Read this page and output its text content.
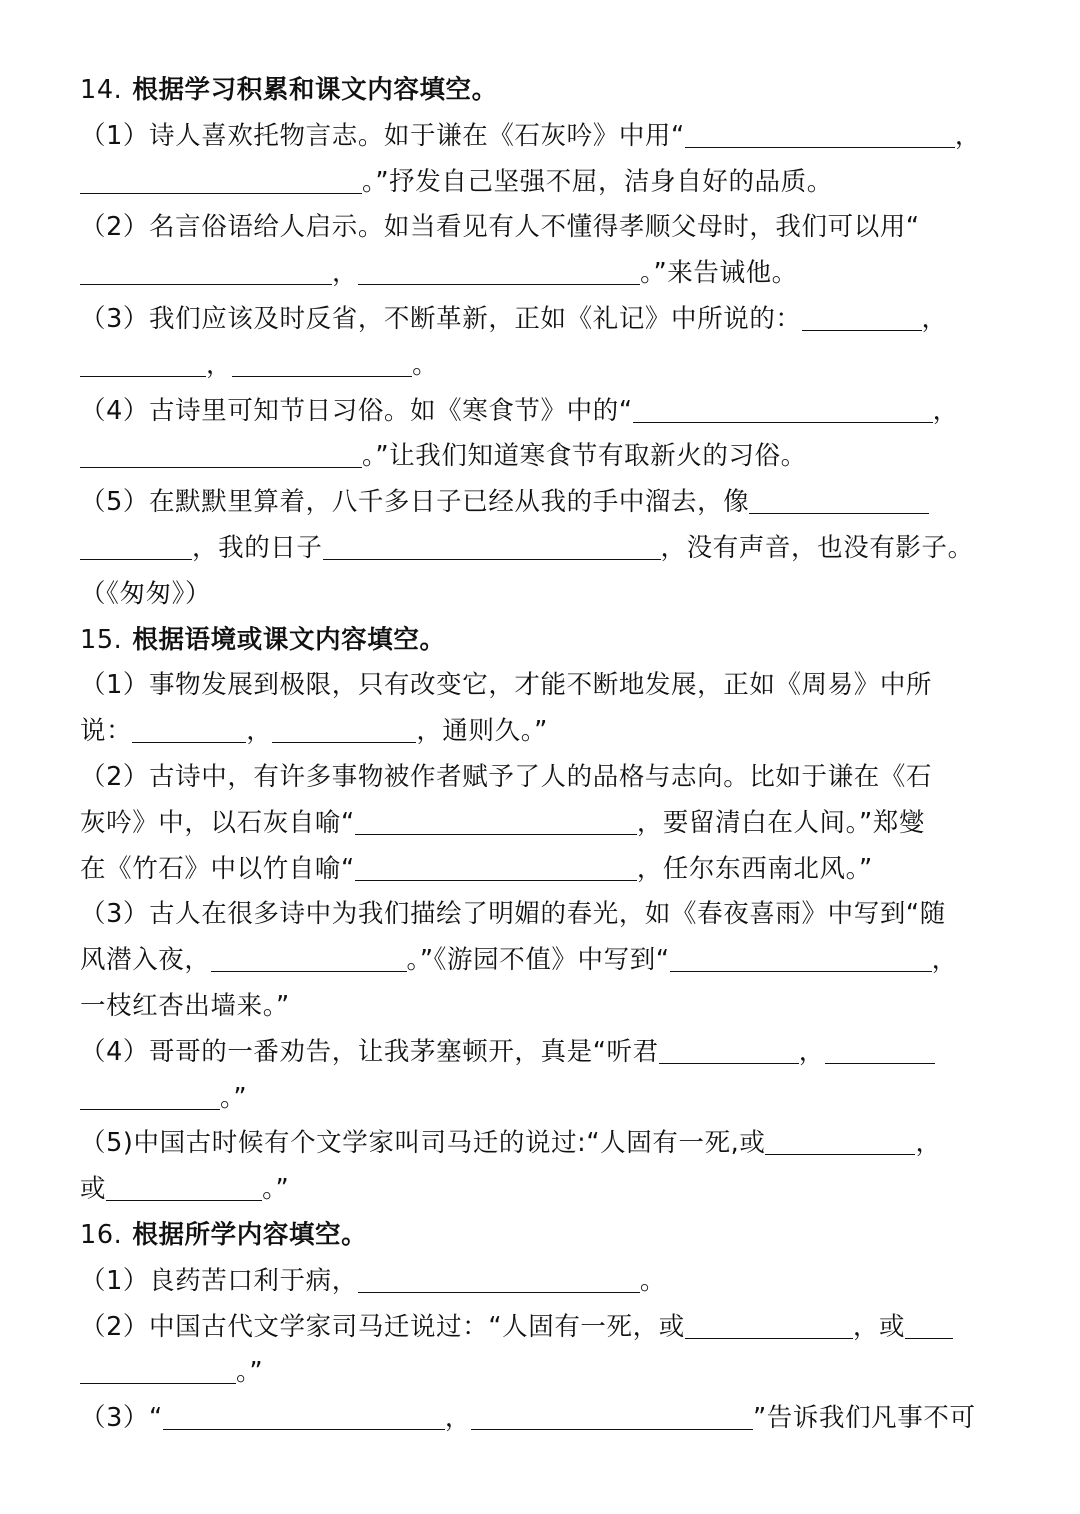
14. 根据学习积累和课文内容填空。
（1）诗人喜欢托物言志。如于谦在《石灰吟》中用“	，
。”抒发自己坚强不屈，洁身自好的品质。
（2）名言俗语给人启示。如当看见有人不懂得孝顺父母时，我们可以用“
，	。”来告诫他。
（3）我们应该及时反省，不断革新，正如《礼记》中所说的：	，
，	。
（4）古诗里可知节日习俗。如《寒食节》中的“	，
。”让我们知道寒食节有取新火的习俗。
（5）在默默里算着，八千多日子已经从我的手中溜去，像
，我的日子	，没有声音，也没有影子。
（《匆匆》）
15. 根据语境或课文内容填空。
（1）事物发展到极限，只有改变它，才能不断地发展，正如《周易》中所
说：	，	，通则久。”
（2）古诗中，有许多事物被作者赋予了人的品格与志向。比如于谦在《石
灰吟》中，以石灰自喻“	，要留清白在人间。”郑燮
在《竹石》中以竹自喻“	，任尔东西南北风。”
（3）古人在很多诗中为我们描绘了明媚的春光，如《春夜喜雨》中写到“随
风潜入夜，	。”《游园不值》中写到“	，
一枝红杏出墙来。”
（4）哥哥的一番劝告，让我茅塞顿开，真是“听君	，
。”
（5)中国古时候有个文学家叫司马迁的说过:“人固有一死,或	，
或	。”
16. 根据所学内容填空。
（1）良药苦口利于病，	。
（2）中国古代文学家司马迁说过：“人固有一死，或	，或
。”
（3）“	，	”告诉我们凡事不可
